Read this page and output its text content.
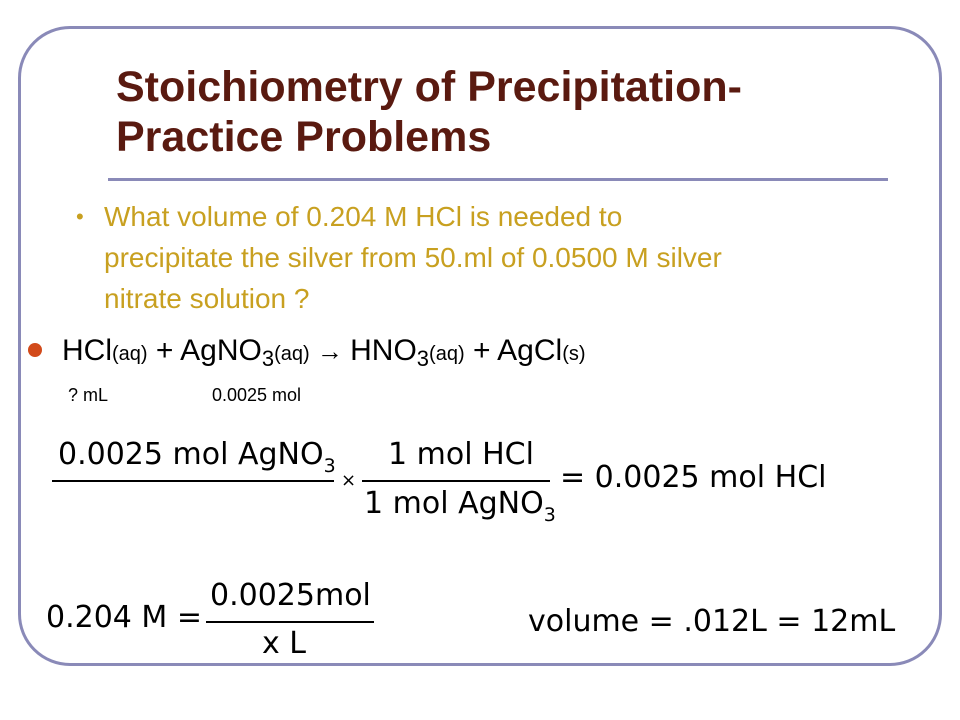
Stoichiometry of Precipitation-
Practice Problems
• What volume of 0.204 M HCl is needed to
precipitate the silver from 50.ml of 0.0500 M silver
nitrate solution ?
HCl(aq) + AgNO$_3$(aq) → $HNO_3(aq)$ + AgCl(s)
? mL	0.0025 mol
0.0025 mol AgNO$_3$
×
1 mol HCl
1 mol AgNO$_3$
= 0.0025 mol HCl
0.204 M =
0.0025mol
x L
volume = .012L = 12mL
